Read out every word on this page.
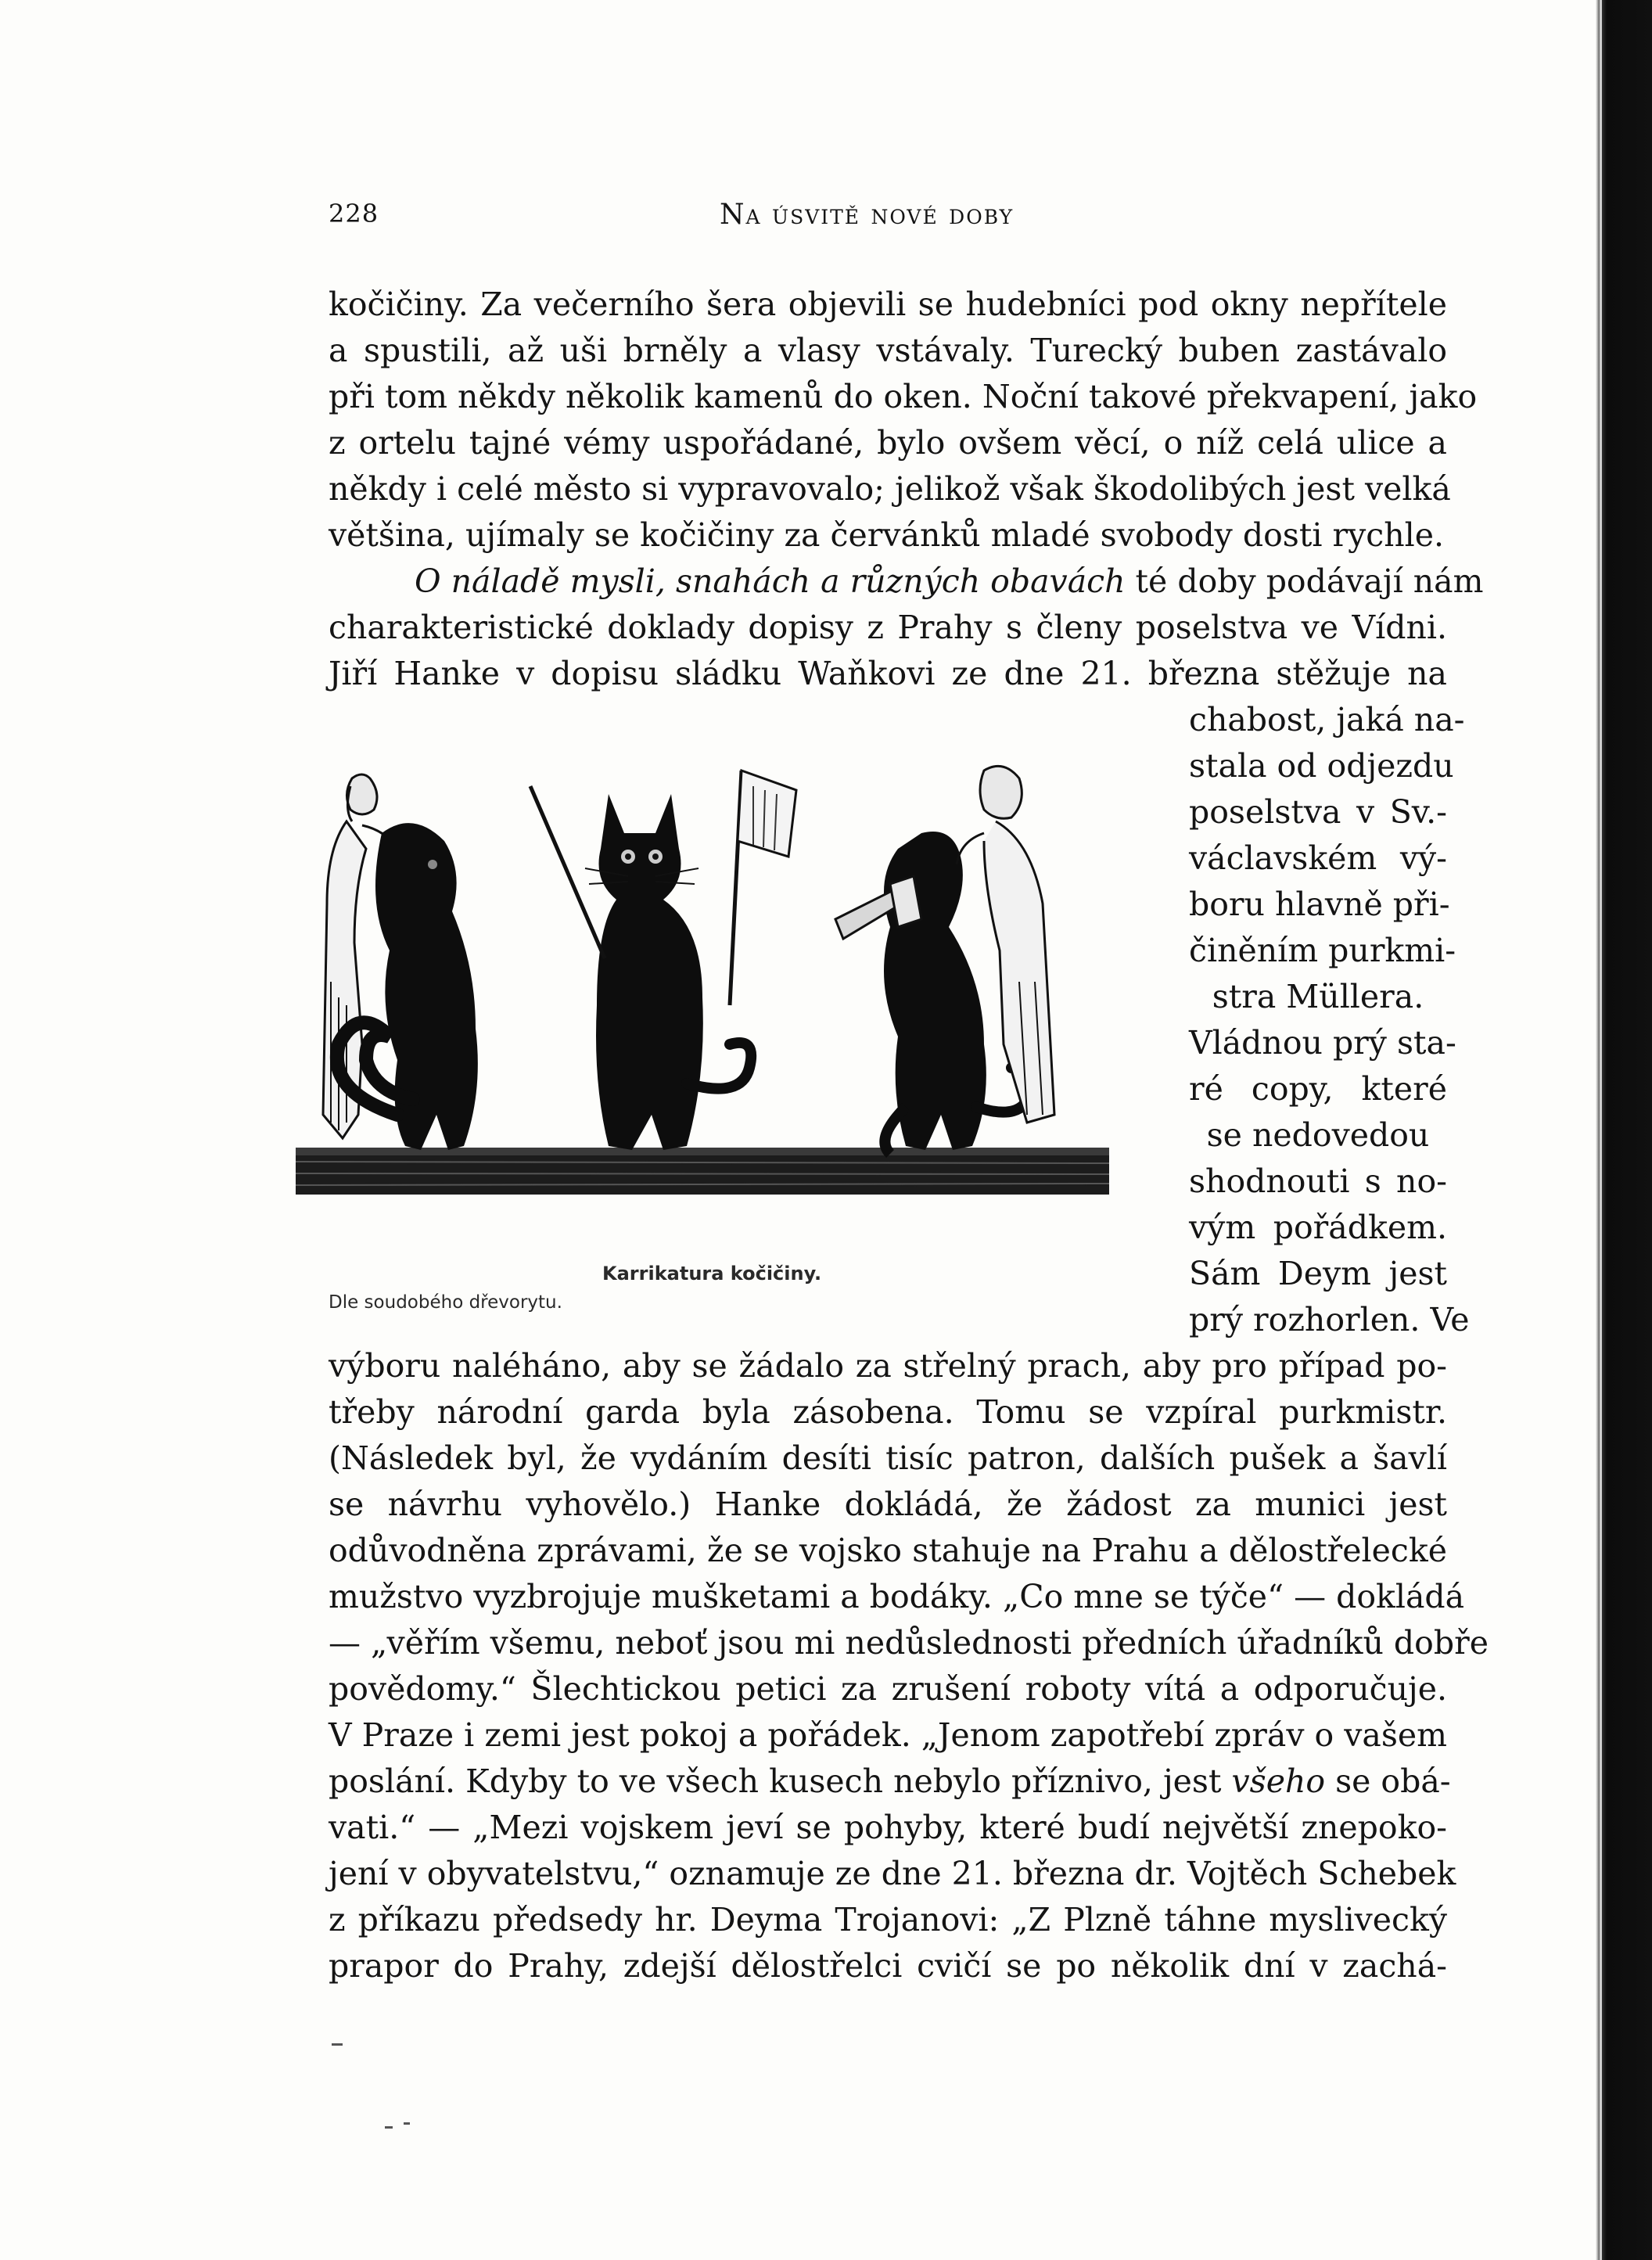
228	Na úsvitě nové doby
kočičiny. Za večerního šera objevili se hudebníci pod okny nepřítele
a spustili, až uši brněly a vlasy vstávaly. Turecký buben zastávalo
při tom někdy několik kamenů do oken. Noční takové překvapení, jako
z ortelu tajné vémy uspořádané, bylo ovšem věcí, o níž celá ulice a
někdy i celé město si vypravovalo; jelikož však škodolibých jest velká
většina, ujímaly se kočičiny za červánků mladé svobody dosti rychle.
O náladě mysli, snahách a různých obavách té doby podávají nám
charakteristické doklady dopisy z Prahy s členy poselstva ve Vídni.
Jiří Hanke v dopisu sládku Waňkovi ze dne 21. března stěžuje na
chabost, jaká na-
stala od odjezdu
poselstva v Sv.-
václavském vý-
boru hlavně při-
činěním purkmi-
stra Müllera.
Vládnou prý sta-
ré copy, které
se nedovedou
shodnouti s no-
vým pořádkem.
Sám Deym jest
prý rozhorlen. Ve
Karrikatura kočičiny.
Dle soudobého dřevorytu.
výboru naléháno, aby se žádalo za střelný prach, aby pro případ po-
třeby národní garda byla zásobena. Tomu se vzpíral purkmistr.
(Následek byl, že vydáním desíti tisíc patron, dalších pušek a šavlí
se návrhu vyhovělo.) Hanke dokládá, že žádost za munici jest
odůvodněna zprávami, že se vojsko stahuje na Prahu a dělostřelecké
mužstvo vyzbrojuje mušketami a bodáky. „Co mne se týče“ — dokládá
— „věřím všemu, neboť jsou mi nedůslednosti předních úřadníků dobře
povědomy.“ Šlechtickou petici za zrušení roboty vítá a odporučuje.
V Praze i zemi jest pokoj a pořádek. „Jenom zapotřebí zpráv o vašem
poslání. Kdyby to ve všech kusech nebylo příznivo, jest všeho se obá-
vati.“ — „Mezi vojskem jeví se pohyby, které budí největší znepoko-
jení v obyvatelstvu,“ oznamuje ze dne 21. března dr. Vojtěch Schebek
z příkazu předsedy hr. Deyma Trojanovi: „Z Plzně táhne myslivecký
prapor do Prahy, zdejší dělostřelci cvičí se po několik dní v zachá-
